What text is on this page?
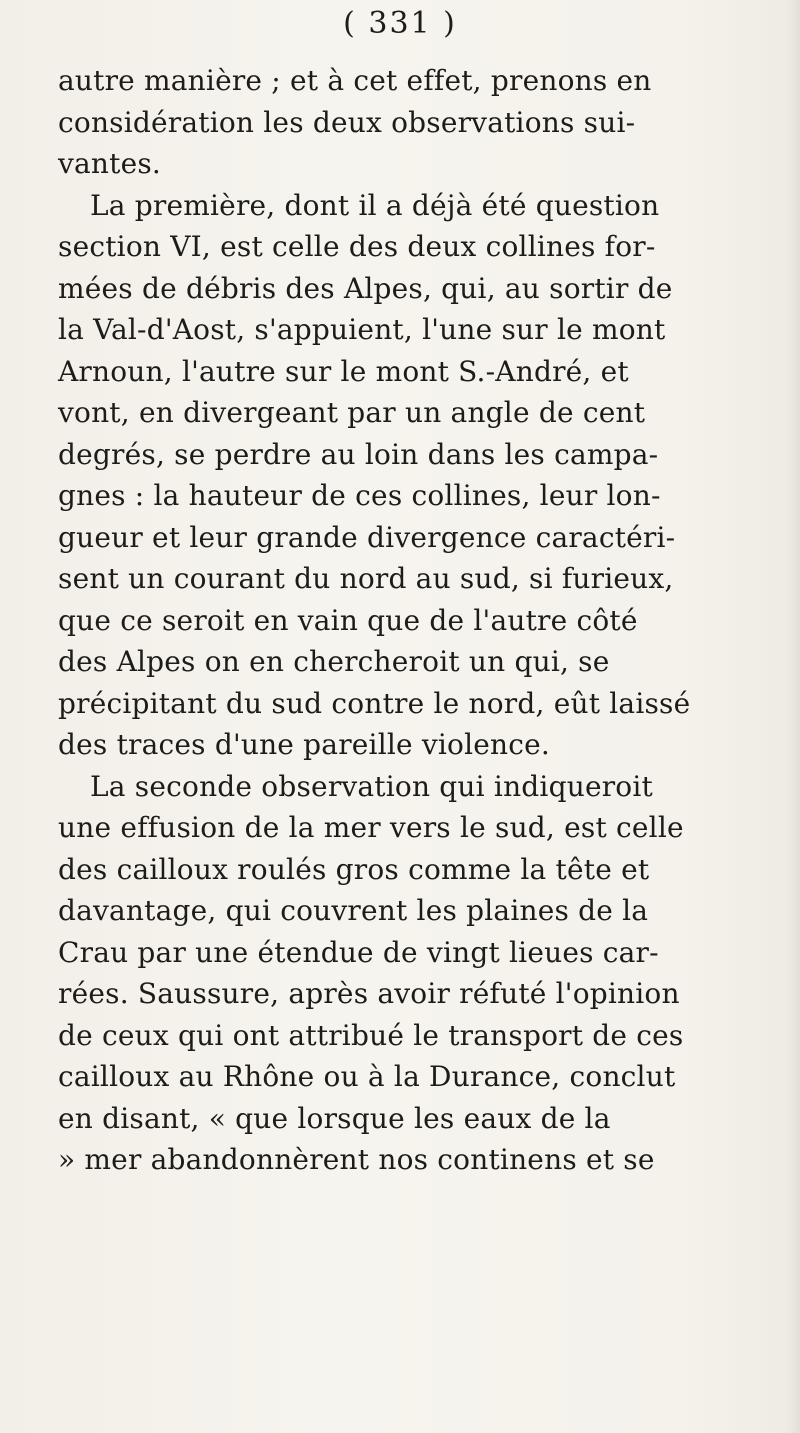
( 331 )
autre manière ; et à cet effet, prenons en
considération les deux observations sui-
vantes.
La première, dont il a déjà été question
section VI, est celle des deux collines for-
mées de débris des Alpes, qui, au sortir de
la Val-d'Aost, s'appuient, l'une sur le mont
Arnoun, l'autre sur le mont S.-André, et
vont, en divergeant par un angle de cent
degrés, se perdre au loin dans les campa-
gnes : la hauteur de ces collines, leur lon-
gueur et leur grande divergence caractéri-
sent un courant du nord au sud, si furieux,
que ce seroit en vain que de l'autre côté
des Alpes on en chercheroit un qui, se
précipitant du sud contre le nord, eût laissé
des traces d'une pareille violence.
La seconde observation qui indiqueroit
une effusion de la mer vers le sud, est celle
des cailloux roulés gros comme la tête et
davantage, qui couvrent les plaines de la
Crau par une étendue de vingt lieues car-
rées. Saussure, après avoir réfuté l'opinion
de ceux qui ont attribué le transport de ces
cailloux au Rhône ou à la Durance, conclut
en disant, « que lorsque les eaux de la
» mer abandonnèrent nos continens et se
